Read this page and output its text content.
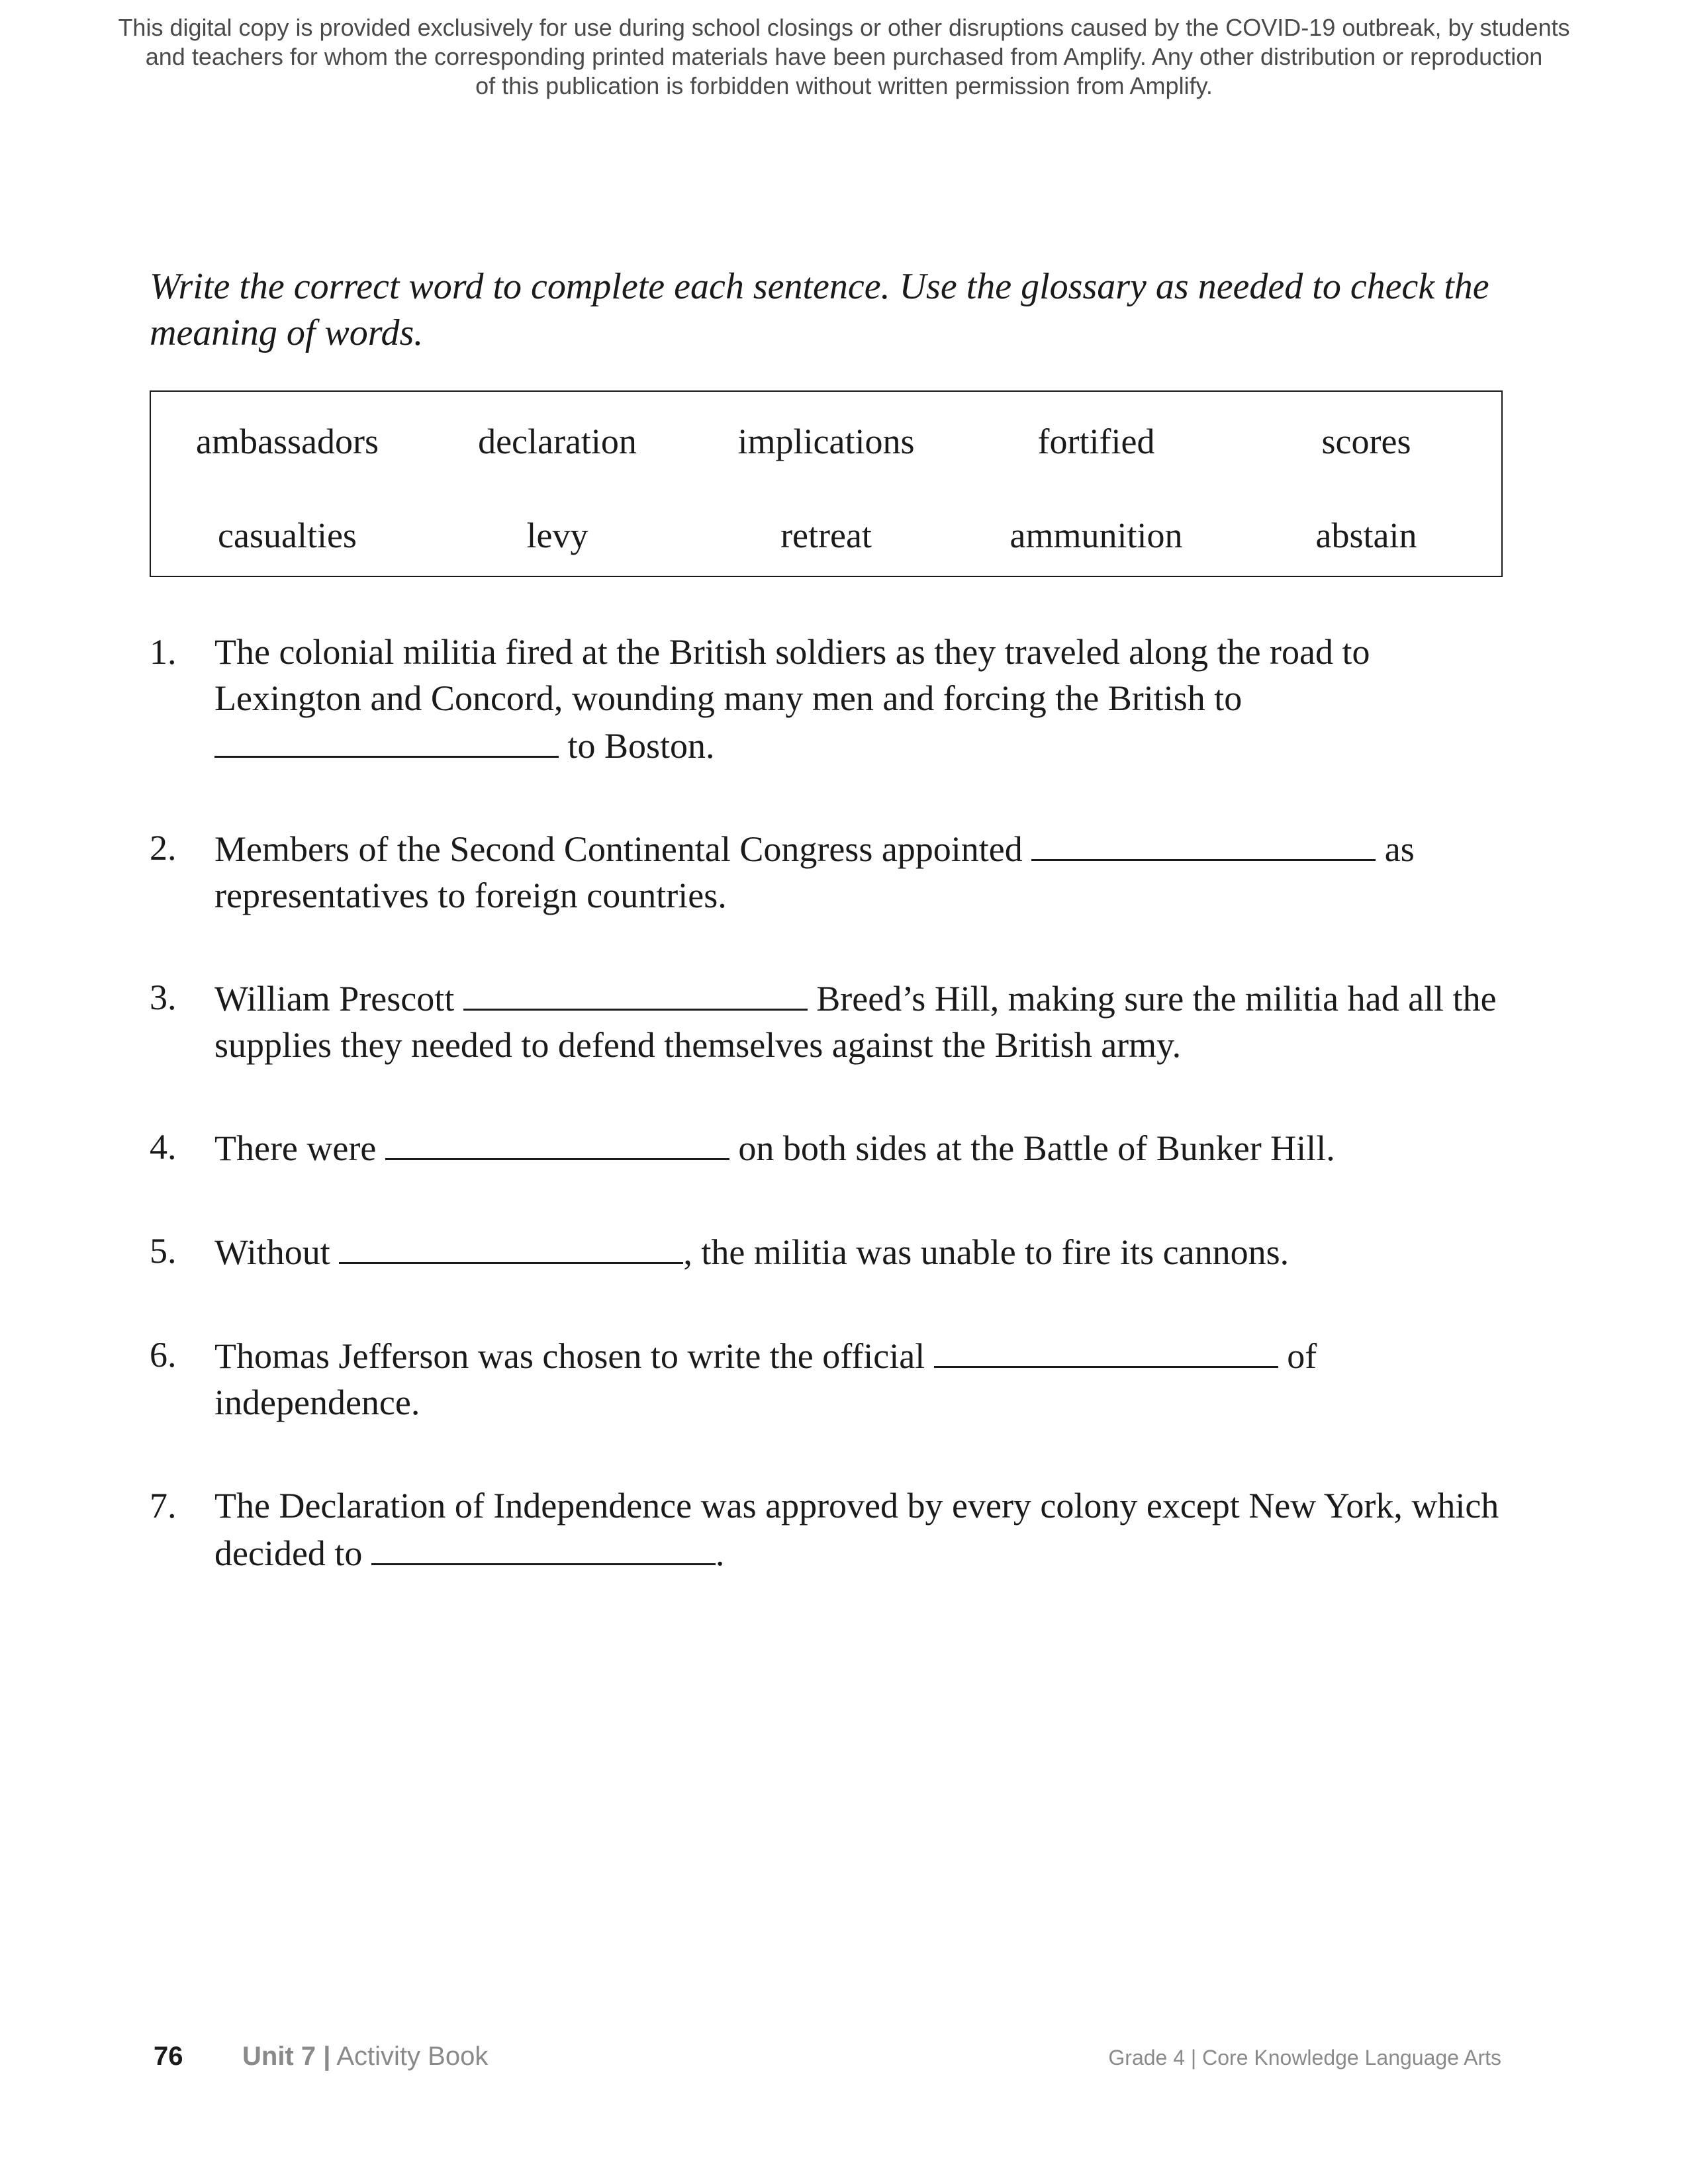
This digital copy is provided exclusively for use during school closings or other disruptions caused by the COVID-19 outbreak, by students
and teachers for whom the corresponding printed materials have been purchased from Amplify. Any other distribution or reproduction
of this publication is forbidden without written permission from Amplify.

Write the correct word to complete each sentence. Use the glossary as needed to check the meaning of words.

ambassadors	declaration	implications	fortified	scores
casualties	levy	retreat	ammunition	abstain
1. The colonial militia fired at the British soldiers as they traveled along the road to Lexington and Concord, wounding many men and forcing the British to  to Boston.
2. Members of the Second Continental Congress appointed	as representatives to foreign countries.
3. William Prescott	Breed’s Hill, making sure the militia had all the supplies they needed to defend themselves against the British army.
4. There were	on both sides at the Battle of Bunker Hill.
5. Without	, the militia was unable to fire its cannons.
6. Thomas Jefferson was chosen to write the official	of independence.
7. The Declaration of Independence was approved by every colony except New York, which decided to	.
76 Unit 7 | Activity Book	Grade 4 | Core Knowledge Language Arts
